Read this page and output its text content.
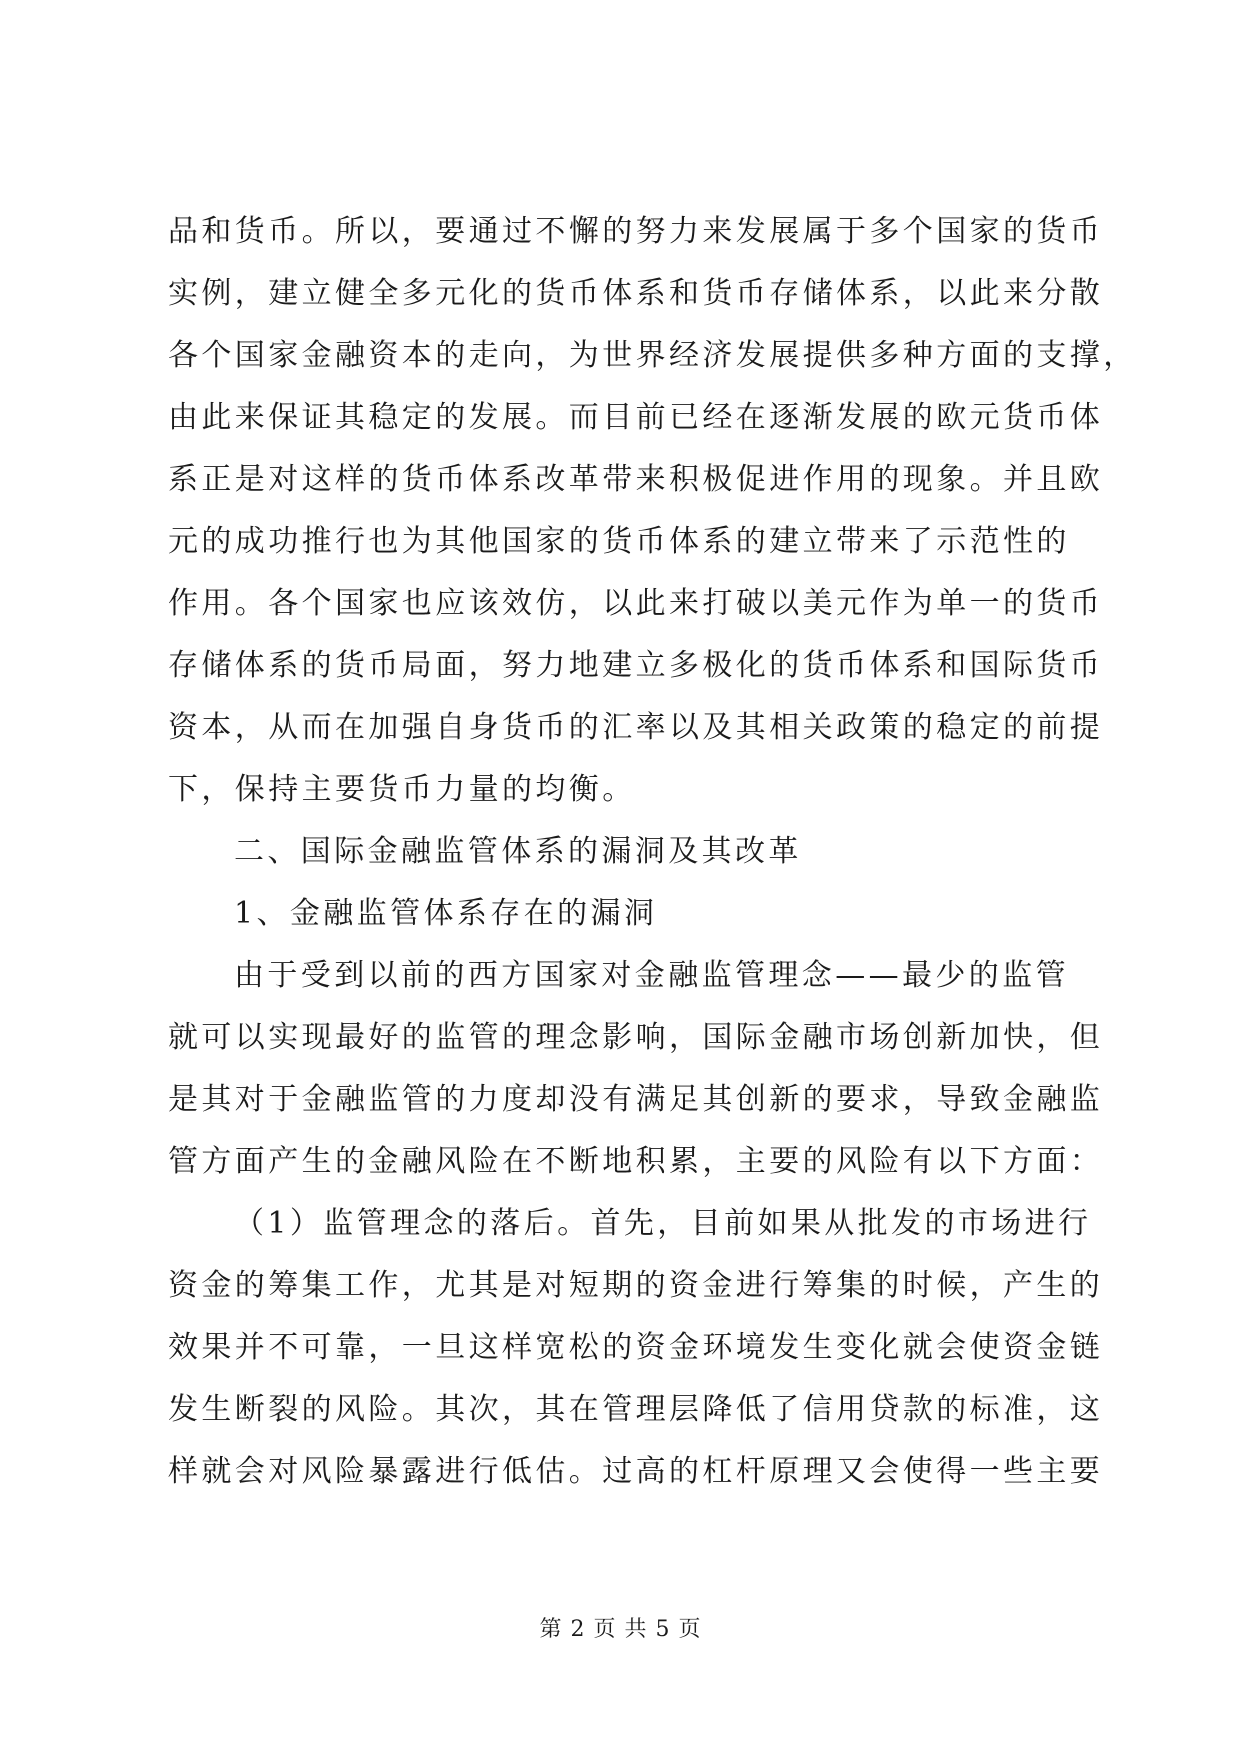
品和货币。所以，要通过不懈的努力来发展属于多个国家的货币
实例，建立健全多元化的货币体系和货币存储体系，以此来分散
各个国家金融资本的走向，为世界经济发展提供多种方面的支撑，
由此来保证其稳定的发展。而目前已经在逐渐发展的欧元货币体
系正是对这样的货币体系改革带来积极促进作用的现象。并且欧
元的成功推行也为其他国家的货币体系的建立带来了示范性的
作用。各个国家也应该效仿，以此来打破以美元作为单一的货币
存储体系的货币局面，努力地建立多极化的货币体系和国际货币
资本，从而在加强自身货币的汇率以及其相关政策的稳定的前提
下，保持主要货币力量的均衡。
二、国际金融监管体系的漏洞及其改革
1、金融监管体系存在的漏洞
由于受到以前的西方国家对金融监管理念——最少的监管
就可以实现最好的监管的理念影响，国际金融市场创新加快，但
是其对于金融监管的力度却没有满足其创新的要求，导致金融监
管方面产生的金融风险在不断地积累，主要的风险有以下方面：
（1）监管理念的落后。首先，目前如果从批发的市场进行
资金的筹集工作，尤其是对短期的资金进行筹集的时候，产生的
效果并不可靠，一旦这样宽松的资金环境发生变化就会使资金链
发生断裂的风险。其次，其在管理层降低了信用贷款的标准，这
样就会对风险暴露进行低估。过高的杠杆原理又会使得一些主要
第 2 页 共 5 页
